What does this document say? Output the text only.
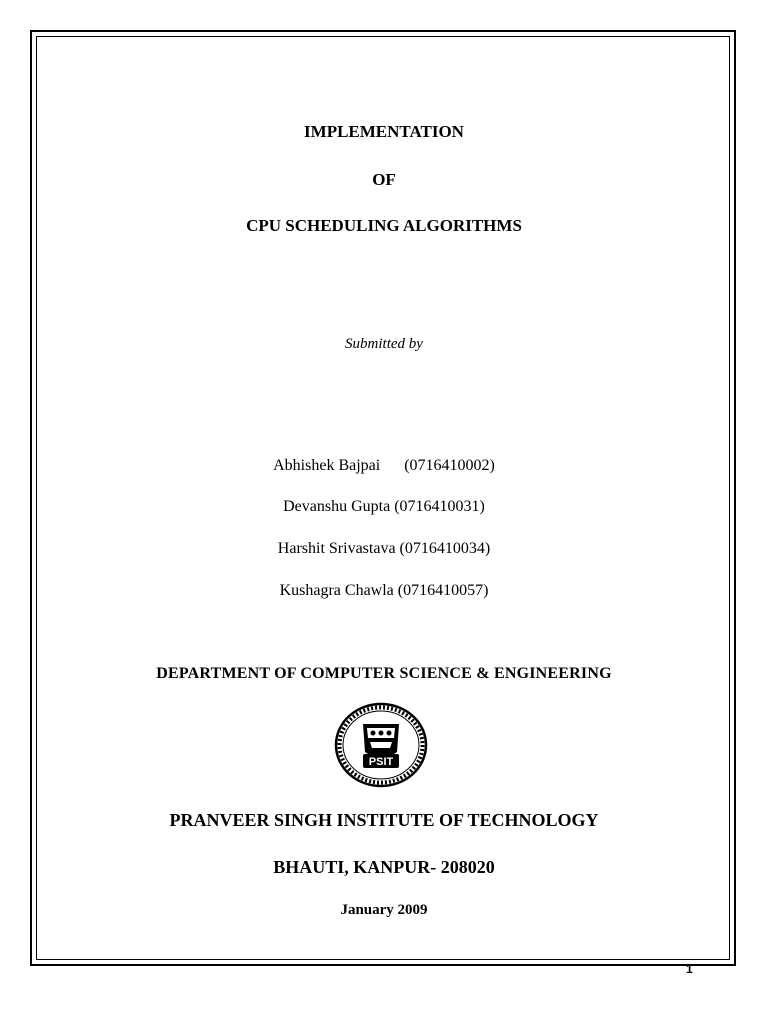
IMPLEMENTATION
OF
CPU SCHEDULING ALGORITHMS
Submitted by
Abhishek Bajpai (0716410002)
Devanshu Gupta (0716410031)
Harshit Srivastava (0716410034)
Kushagra Chawla (0716410057)
DEPARTMENT OF COMPUTER SCIENCE & ENGINEERING
PSIT
PRANVEER SINGH INSTITUTE OF TECHNOLOGY
BHAUTI, KANPUR- 208020
January 2009
1
